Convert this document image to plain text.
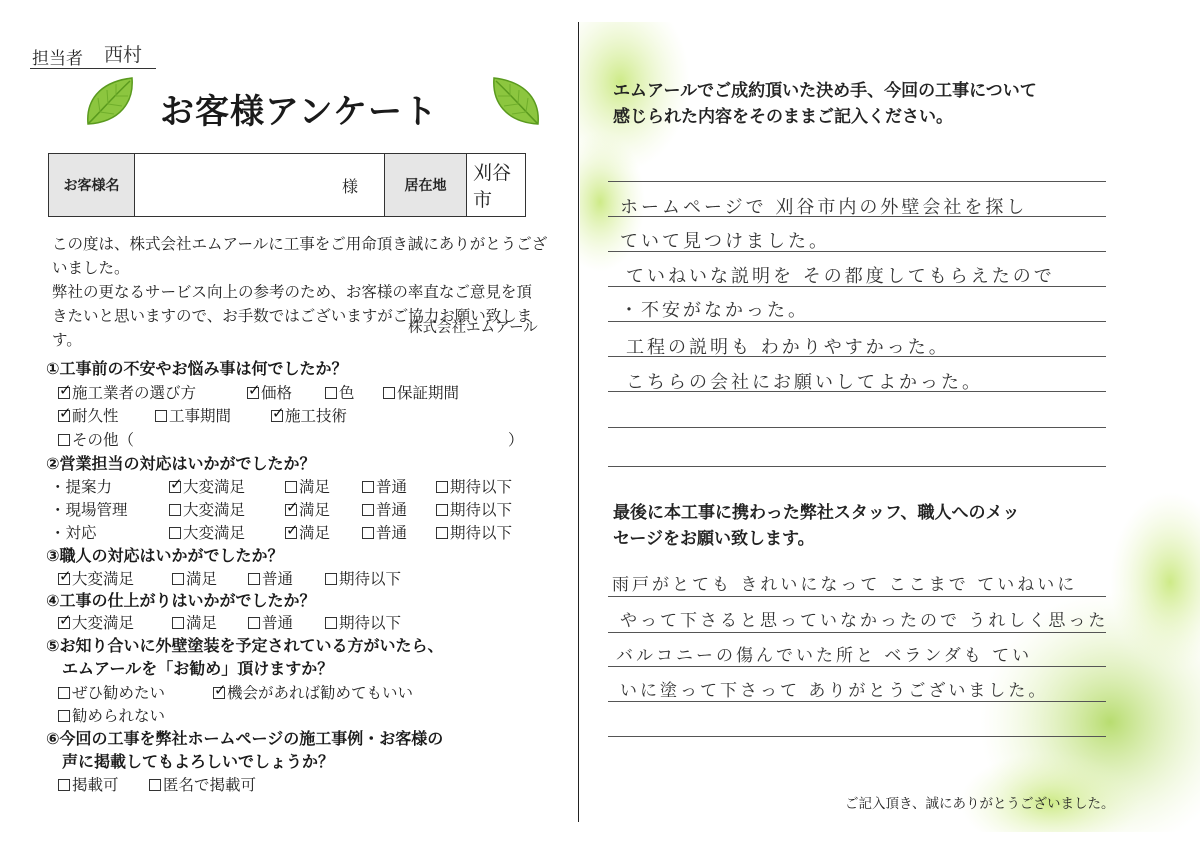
担当者 西村
お客様アンケート
お客様名	様	居在地
刈谷 市
この度は、株式会社エムアールに工事をご用命頂き誠にありがとうござ
いました。
弊社の更なるサービス向上の参考のため、お客様の率直なご意見を頂
きたいと思いますので、お手数ではございますがご協力お願い致します。
株式会社エムアール
①工事前の不安やお悩み事は何でしたか？
✓施工業者の選び方 ✓	価格	色	保証期間
✓耐久性	工事期間 ✓	施工技術
その他（	）
②営業担当の対応はいかがでしたか？
・提案力 ✓	大変満足	満足	普通	期待以下
・現場管理	大変満足 ✓	満足	普通	期待以下
・対応	大変満足 ✓	満足	普通	期待以下
③職人の対応はいかがでしたか？
✓大変満足	満足	普通	期待以下
④工事の仕上がりはいかがでしたか？
✓大変満足	満足	普通	期待以下
⑤お知り合いに外壁塗装を予定されている方がいたら、
エムアールを「お勧め」頂けますか？
ぜひ勧めたい ✓	機会があれば勧めてもいい
勧められない
⑥今回の工事を弊社ホームページの施工事例・お客様の
声に掲載してもよろしいでしょうか？
掲載可	匿名で掲載可
エムアールでご成約頂いた決め手、今回の工事について
感じられた内容をそのままご記入ください。
ホームページで 刈谷市内の外壁会社を探し
ていて見つけました。
ていねいな説明を その都度してもらえたので
・不安がなかった。
工程の説明も わかりやすかった。
こちらの会社にお願いしてよかった。
最後に本工事に携わった弊社スタッフ、職人へのメッ
セージをお願い致します。
雨戸がとても きれいになって ここまで ていねいに
やって下さると思っていなかったので うれしく思った
バルコニーの傷んでいた所と ベランダも てい
いに塗って下さって ありがとうございました。
ご記入頂き、誠にありがとうございました。
